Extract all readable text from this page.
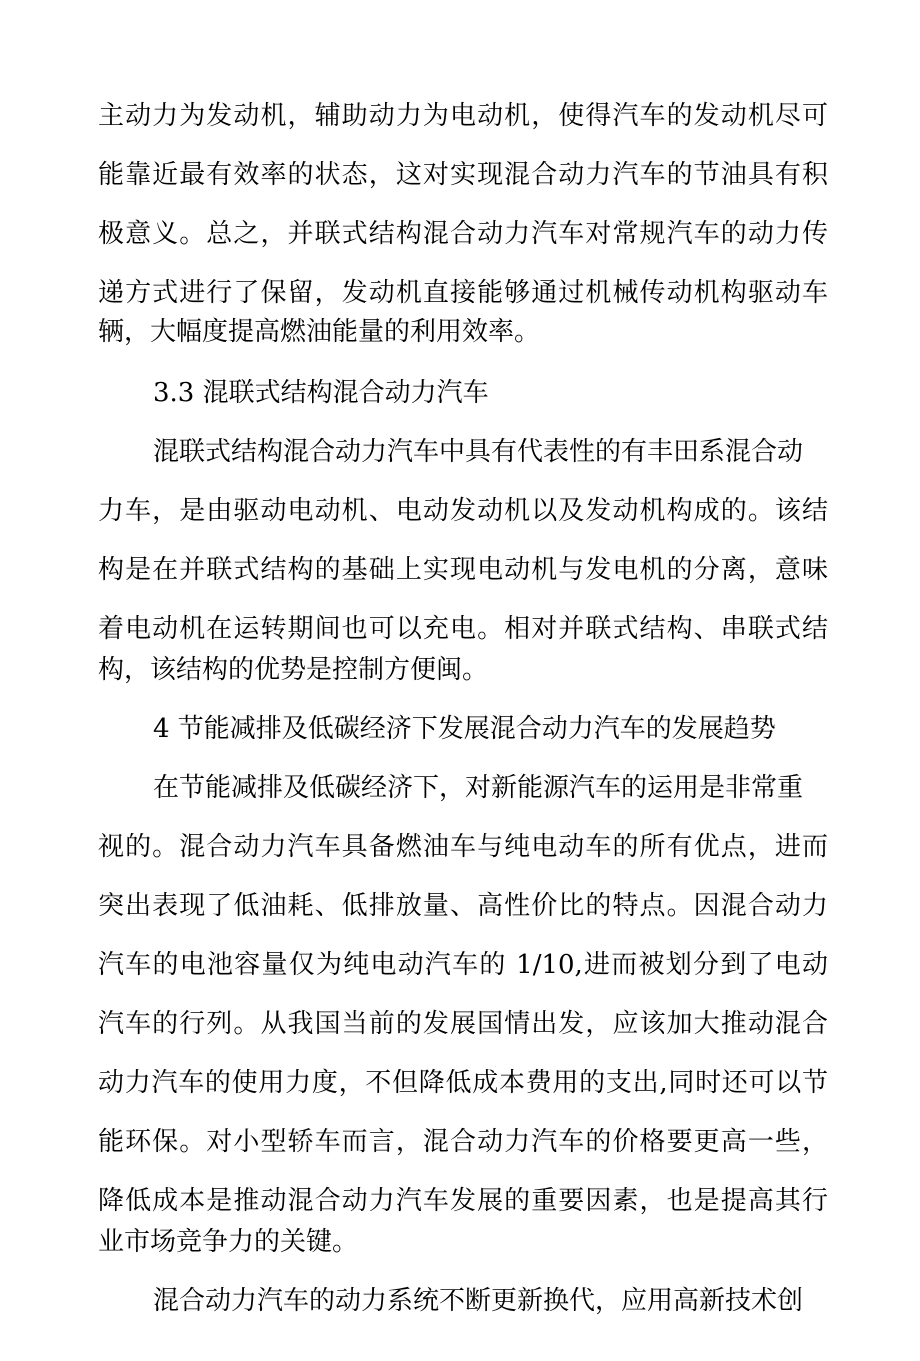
主动力为发动机，辅助动力为电动机，使得汽车的发动机尽可
能靠近最有效率的状态，这对实现混合动力汽车的节油具有积
极意义。总之，并联式结构混合动力汽车对常规汽车的动力传
递方式进行了保留，发动机直接能够通过机械传动机构驱动车
辆，大幅度提高燃油能量的利用效率。
3.3 混联式结构混合动力汽车
混联式结构混合动力汽车中具有代表性的有丰田系混合动
力车，是由驱动电动机、电动发动机以及发动机构成的。该结
构是在并联式结构的基础上实现电动机与发电机的分离，意味
着电动机在运转期间也可以充电。相对并联式结构、串联式结
构，该结构的优势是控制方便闽。
4 节能减排及低碳经济下发展混合动力汽车的发展趋势
在节能减排及低碳经济下，对新能源汽车的运用是非常重
视的。混合动力汽车具备燃油车与纯电动车的所有优点，进而
突出表现了低油耗、低排放量、高性价比的特点。因混合动力
汽车的电池容量仅为纯电动汽车的 1/10,进而被划分到了电动
汽车的行列。从我国当前的发展国情出发，应该加大推动混合
动力汽车的使用力度，不但降低成本费用的支出,同时还可以节
能环保。对小型轿车而言，混合动力汽车的价格要更高一些，
降低成本是推动混合动力汽车发展的重要因素，也是提高其行
业市场竞争力的关键。
混合动力汽车的动力系统不断更新换代，应用高新技术创
